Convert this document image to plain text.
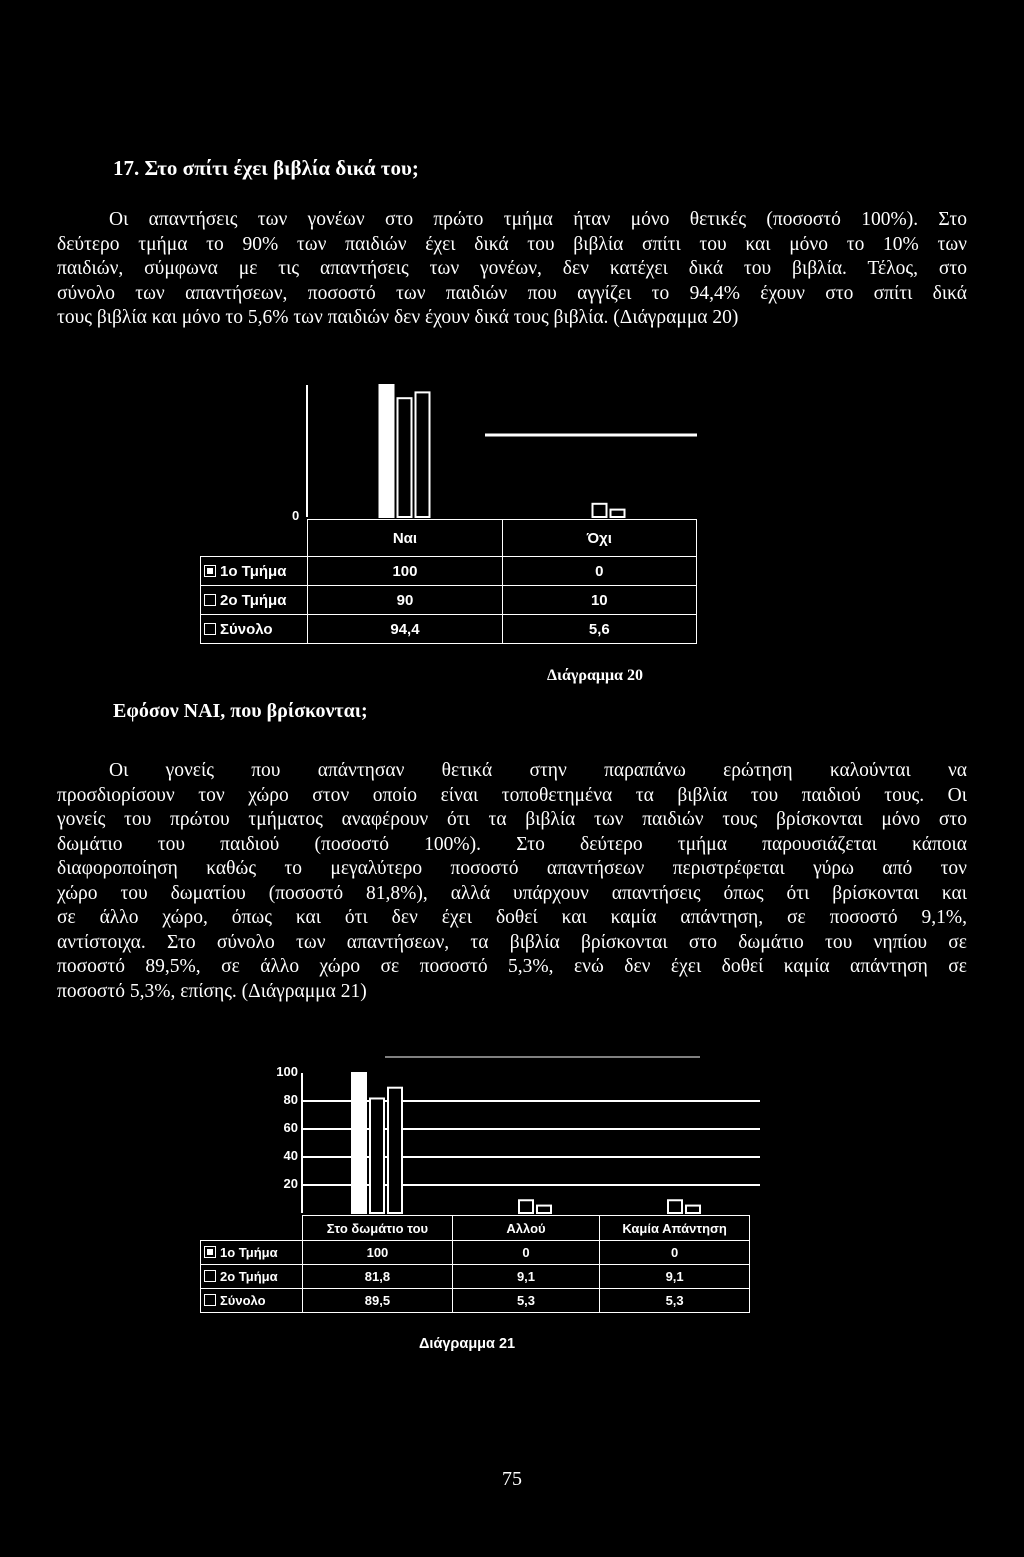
17. Στο σπίτι έχει βιβλία δικά του;
Οι απαντήσεις των γονέων στο πρώτο τμήμα ήταν μόνο θετικές (ποσοστό 100%). Στο
δεύτερο τμήμα το 90% των παιδιών έχει δικά του βιβλία σπίτι του και μόνο το 10% των
παιδιών, σύμφωνα με τις απαντήσεις των γονέων, δεν κατέχει δικά του βιβλία. Τέλος, στο
σύνολο των απαντήσεων, ποσοστό των παιδιών που αγγίζει το 94,4% έχουν στο σπίτι δικά
τους βιβλία και μόνο το 5,6% των παιδιών δεν έχουν δικά τους βιβλία. (Διάγραμμα 20)
0
	Ναι	Όχι
1ο Τμήμα	100	0
2ο Τμήμα	90	10
Σύνολο	94,4	5,6
Διάγραμμα 20
Εφόσον ΝΑΙ, που βρίσκονται;
Οι γονείς που απάντησαν θετικά στην παραπάνω ερώτηση καλούνται να
προσδιορίσουν τον χώρο στον οποίο είναι τοποθετημένα τα βιβλία του παιδιού τους. Οι
γονείς του πρώτου τμήματος αναφέρουν ότι τα βιβλία των παιδιών τους βρίσκονται μόνο στο
δωμάτιο του παιδιού (ποσοστό 100%). Στο δεύτερο τμήμα παρουσιάζεται κάποια
διαφοροποίηση καθώς το μεγαλύτερο ποσοστό απαντήσεων περιστρέφεται γύρω από τον
χώρο του δωματίου (ποσοστό 81,8%), αλλά υπάρχουν απαντήσεις όπως ότι βρίσκονται και
σε άλλο χώρο, όπως και ότι δεν έχει δοθεί και καμία απάντηση, σε ποσοστό 9,1%,
αντίστοιχα. Στο σύνολο των απαντήσεων, τα βιβλία βρίσκονται στο δωμάτιο του νηπίου σε
ποσοστό 89,5%, σε άλλο χώρο σε ποσοστό 5,3%, ενώ δεν έχει δοθεί καμία απάντηση σε
ποσοστό 5,3%, επίσης. (Διάγραμμα 21)
100
80
60
40
20
	Στο δωμάτιο του	Αλλού	Καμία Απάντηση
1ο Τμήμα	100	0	0
2ο Τμήμα	81,8	9,1	9,1
Σύνολο	89,5	5,3	5,3
Διάγραμμα 21
75
